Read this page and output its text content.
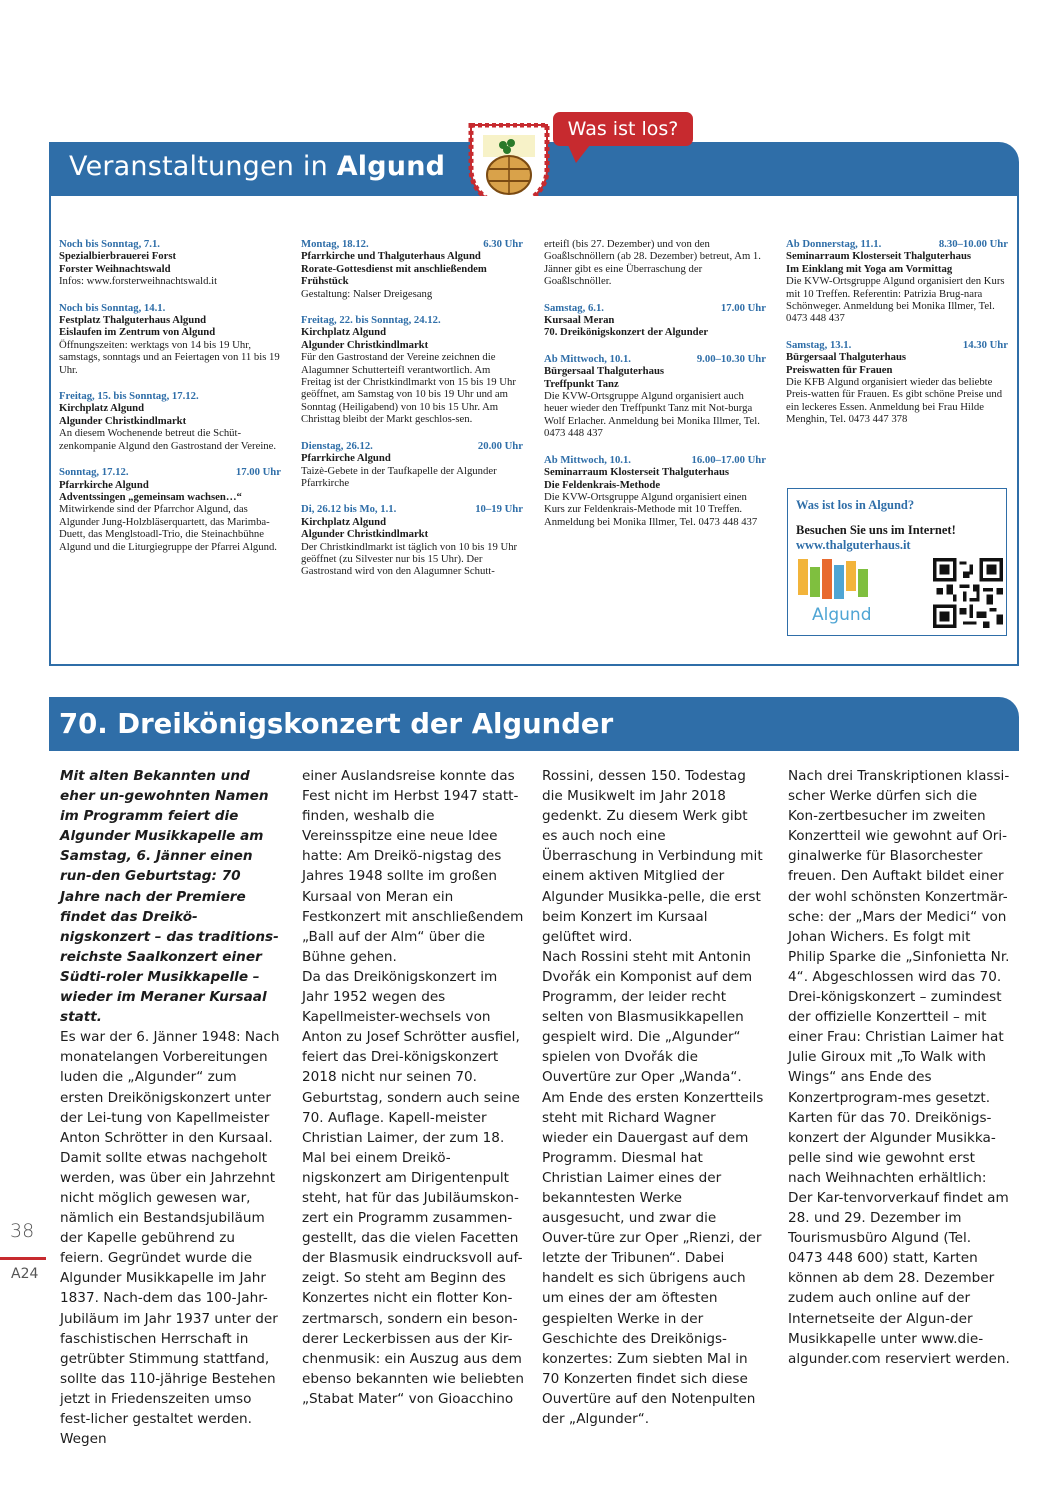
Veranstaltungen in Algund
Was ist los?
Noch bis Sonntag, 7.1.
Spezialbierbrauerei Forst
Forster Weihnachtswald
Infos: www.forsterweihnachtswald.it
Noch bis Sonntag, 14.1.
Festplatz Thalguterhaus Algund
Eislaufen im Zentrum von Algund
Öffnungszeiten: werktags von 14 bis 19 Uhr, samstags, sonntags und an Feiertagen von 11 bis 19 Uhr.
Freitag, 15. bis Sonntag, 17.12.
Kirchplatz Algund
Algunder Christkindlmarkt
An diesem Wochenende betreut die Schüt-zenkompanie Algund den Gastrostand der Vereine.
Sonntag, 17.12.	17.00 Uhr
Pfarrkirche Algund
Adventssingen „gemeinsam wachsen…“
Mitwirkende sind der Pfarrchor Algund, das Algunder Jung-Holzbläserquartett, das Marimba-Duett, das Menglstoadl-Trio, die Steinachbühne Algund und die Liturgiegruppe der Pfarrei Algund.
Montag, 18.12.	6.30 Uhr
Pfarrkirche und Thalguterhaus Algund
Rorate-Gottesdienst mit anschließendem Frühstück
Gestaltung: Nalser Dreigesang
Freitag, 22. bis Sonntag, 24.12.
Kirchplatz Algund
Algunder Christkindlmarkt
Für den Gastrostand der Vereine zeichnen die Alagumner Schutterteifl verantwortlich. Am Freitag ist der Christkindlmarkt von 15 bis 19 Uhr geöffnet, am Samstag von 10 bis 19 Uhr und am Sonntag (Heiligabend) von 10 bis 15 Uhr. Am Christtag bleibt der Markt geschlos-sen.
Dienstag, 26.12.	20.00 Uhr
Pfarrkirche Algund
Taizè-Gebete in der Taufkapelle der Algunder Pfarrkirche
Di, 26.12 bis Mo, 1.1.	10–19 Uhr
Kirchplatz Algund
Algunder Christkindlmarkt
Der Christkindlmarkt ist täglich von 10 bis 19 Uhr geöffnet (zu Silvester nur bis 15 Uhr). Der Gastrostand wird von den Alagumner Schutt-
erteifl (bis 27. Dezember) und von den Goaßlschnöllern (ab 28. Dezember) betreut, Am 1. Jänner gibt es eine Überraschung der Goaßlschnöller.
Samstag, 6.1.	17.00 Uhr
Kursaal Meran
70. Dreikönigskonzert der Algunder
Ab Mittwoch, 10.1.	9.00–10.30 Uhr
Bürgersaal Thalguterhaus
Treffpunkt Tanz
Die KVW-Ortsgruppe Algund organisiert auch heuer wieder den Treffpunkt Tanz mit Not-burga Wolf Erlacher. Anmeldung bei Monika Illmer, Tel. 0473 448 437
Ab Mittwoch, 10.1.	16.00–17.00 Uhr
Seminarraum Klosterseit Thalguterhaus
Die Feldenkrais-Methode
Die KVW-Ortsgruppe Algund organisiert einen Kurs zur Feldenkrais-Methode mit 10 Treffen. Anmeldung bei Monika Illmer, Tel. 0473 448 437
Ab Donnerstag, 11.1.	8.30–10.00 Uhr
Seminarraum Klosterseit Thalguterhaus
Im Einklang mit Yoga am Vormittag
Die KVW-Ortsgruppe Algund organisiert den Kurs mit 10 Treffen. Referentin: Patrizia Brug-nara Schönweger. Anmeldung bei Monika Illmer, Tel. 0473 448 437
Samstag, 13.1.	14.30 Uhr
Bürgersaal Thalguterhaus
Preiswatten für Frauen
Die KFB Algund organisiert wieder das beliebte Preis-watten für Frauen. Es gibt schöne Preise und ein leckeres Essen. Anmeldung bei Frau Hilde Menghin, Tel. 0473 447 378
Was ist los in Algund?
Besuchen Sie uns im Internet!
www.thalguterhaus.it
Algund
70. Dreikönigskonzert der Algunder

Mit alten Bekannten und eher un-gewohnten Namen im Programm feiert die Algunder Musikkapelle am Samstag, 6. Jänner einen run-den Geburtstag: 70 Jahre nach der Premiere findet das Dreikö-nigskonzert – das traditions-reichste Saalkonzert einer Südti-roler Musikkapelle – wieder im Meraner Kursaal statt.

Es war der 6. Jänner 1948: Nach monatelangen Vorbereitungen luden die „Algunder“ zum ersten Dreikönigskonzert unter der Lei-tung von Kapellmeister Anton Schrötter in den Kursaal. Damit sollte etwas nachgeholt werden, was über ein Jahrzehnt nicht möglich gewesen war, nämlich ein Bestandsjubiläum der Kapelle gebührend zu feiern. Gegründet wurde die Algunder Musikkapelle im Jahr 1837. Nach-dem das 100-Jahr-Jubiläum im Jahr 1937 unter der faschistischen Herrschaft in getrübter Stimmung stattfand, sollte das 110-jährige Bestehen jetzt in Friedenszeiten umso fest-licher gestaltet werden. Wegen

einer Auslandsreise konnte das Fest nicht im Herbst 1947 statt-finden, weshalb die Vereinsspitze eine neue Idee hatte: Am Dreikö-nigstag des Jahres 1948 sollte im großen Kursaal von Meran ein Festkonzert mit anschließendem „Ball auf der Alm“ über die Bühne gehen.

Da das Dreikönigskonzert im Jahr 1952 wegen des Kapellmeister-wechsels von Anton zu Josef Schrötter ausfiel, feiert das Drei-königskonzert 2018 nicht nur seinen 70. Geburtstag, sondern auch seine 70. Auflage. Kapell-meister Christian Laimer, der zum 18. Mal bei einem Dreikö-nigskonzert am Dirigentenpult steht, hat für das Jubiläumskon-zert ein Programm zusammen-gestellt, das die vielen Facetten der Blasmusik eindrucksvoll auf-zeigt. So steht am Beginn des Konzertes nicht ein flotter Kon-zertmarsch, sondern ein beson-derer Leckerbissen aus der Kir-chenmusik: ein Auszug aus dem ebenso bekannten wie beliebten „Stabat Mater“ von Gioacchino

Rossini, dessen 150. Todestag die Musikwelt im Jahr 2018 gedenkt. Zu diesem Werk gibt es auch noch eine Überraschung in Verbindung mit einem aktiven Mitglied der Algunder Musikka-pelle, die erst beim Konzert im Kursaal gelüftet wird.

Nach Rossini steht mit Antonin Dvořák ein Komponist auf dem Programm, der leider recht selten von Blasmusikkapellen gespielt wird. Die „Algunder“ spielen von Dvořák die Ouvertüre zur Oper „Wanda“. Am Ende des ersten Konzertteils steht mit Richard Wagner wieder ein Dauergast auf dem Programm. Diesmal hat Christian Laimer eines der bekanntesten Werke ausgesucht, und zwar die Ouver-türe zur Oper „Rienzi, der letzte der Tribunen“. Dabei handelt es sich übrigens auch um eines der am öftesten gespielten Werke in der Geschichte des Dreikönigs-konzertes: Zum siebten Mal in 70 Konzerten findet sich diese Ouvertüre auf den Notenpulten der „Algunder“.

Nach drei Transkriptionen klassi-scher Werke dürfen sich die Kon-zertbesucher im zweiten Konzertteil wie gewohnt auf Ori-ginalwerke für Blasorchester freuen. Den Auftakt bildet einer der wohl schönsten Konzertmär-sche: der „Mars der Medici“ von Johan Wichers. Es folgt mit Philip Sparke die „Sinfonietta Nr. 4“. Abgeschlossen wird das 70. Drei-königskonzert – zumindest der offizielle Konzertteil – mit einer Frau: Christian Laimer hat Julie Giroux mit „To Walk with Wings“ ans Ende des Konzertprogram-mes gesetzt.

Karten für das 70. Dreikönigs-konzert der Algunder Musikka-pelle sind wie gewohnt erst nach Weihnachten erhältlich: Der Kar-tenvorverkauf findet am 28. und 29. Dezember im Tourismusbüro Algund (Tel. 0473 448 600) statt, Karten können ab dem 28. Dezember zudem auch online auf der Internetseite der Algun-der Musikkapelle unter www.die-algunder.com reserviert werden.

38
A24
